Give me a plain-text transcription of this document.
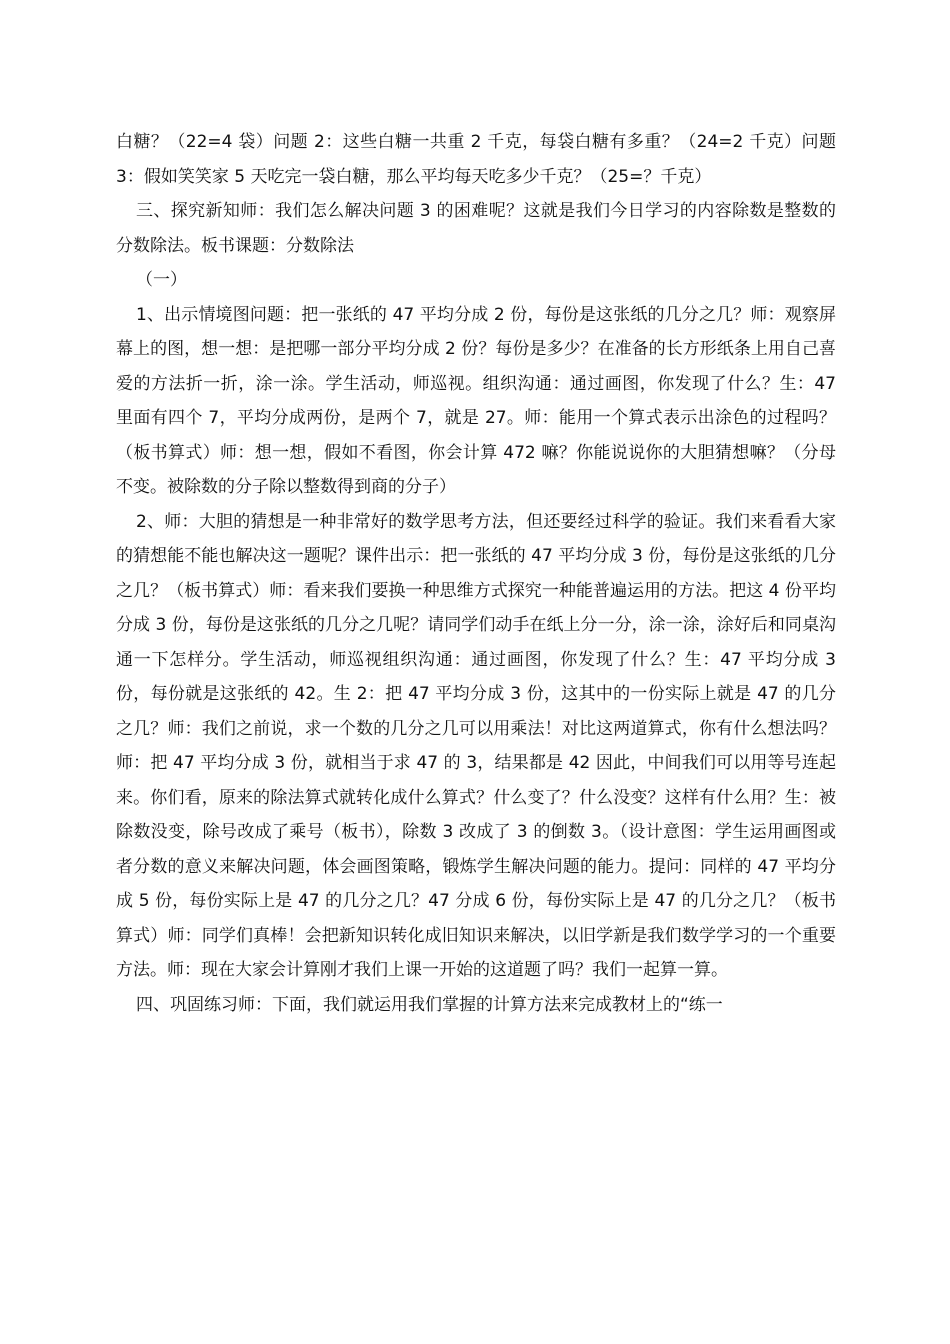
白糖？（22=4 袋）问题 2：这些白糖一共重 2 千克，每袋白糖有多重？（24=2 千克）问题 3：假如笑笑家 5 天吃完一袋白糖，那么平均每天吃多少千克？（25=？千克）

三、探究新知师：我们怎么解决问题 3 的困难呢？这就是我们今日学习的内容除数是整数的分数除法。板书课题：分数除法

（一）

1、出示情境图问题：把一张纸的 47 平均分成 2 份，每份是这张纸的几分之几？师：观察屏幕上的图，想一想：是把哪一部分平均分成 2 份？每份是多少？在准备的长方形纸条上用自己喜爱的方法折一折，涂一涂。学生活动，师巡视。组织沟通：通过画图，你发现了什么？生：47 里面有四个 7，平均分成两份，是两个 7，就是 27。师：能用一个算式表示出涂色的过程吗？（板书算式）师：想一想，假如不看图，你会计算 472 嘛？你能说说你的大胆猜想嘛？（分母不变。被除数的分子除以整数得到商的分子）

2、师：大胆的猜想是一种非常好的数学思考方法，但还要经过科学的验证。我们来看看大家的猜想能不能也解决这一题呢？课件出示：把一张纸的 47 平均分成 3 份，每份是这张纸的几分之几？（板书算式）师：看来我们要换一种思维方式探究一种能普遍运用的方法。把这 4 份平均分成 3 份，每份是这张纸的几分之几呢？请同学们动手在纸上分一分，涂一涂，涂好后和同桌沟通一下怎样分。学生活动，师巡视组织沟通：通过画图，你发现了什么？生：47 平均分成 3 份，每份就是这张纸的 42。生 2：把 47 平均分成 3 份，这其中的一份实际上就是 47 的几分之几？师：我们之前说，求一个数的几分之几可以用乘法！对比这两道算式，你有什么想法吗？师：把 47 平均分成 3 份，就相当于求 47 的 3，结果都是 42 因此，中间我们可以用等号连起来。你们看，原来的除法算式就转化成什么算式？什么变了？什么没变？这样有什么用？生：被除数没变，除号改成了乘号（板书），除数 3 改成了 3 的倒数 3。（设计意图：学生运用画图或者分数的意义来解决问题，体会画图策略，锻炼学生解决问题的能力。提问：同样的 47 平均分成 5 份，每份实际上是 47 的几分之几？47 分成 6 份，每份实际上是 47 的几分之几？（板书算式）师：同学们真棒！会把新知识转化成旧知识来解决，以旧学新是我们数学学习的一个重要方法。师：现在大家会计算刚才我们上课一开始的这道题了吗？我们一起算一算。

四、巩固练习师：下面，我们就运用我们掌握的计算方法来完成教材上的“练一
